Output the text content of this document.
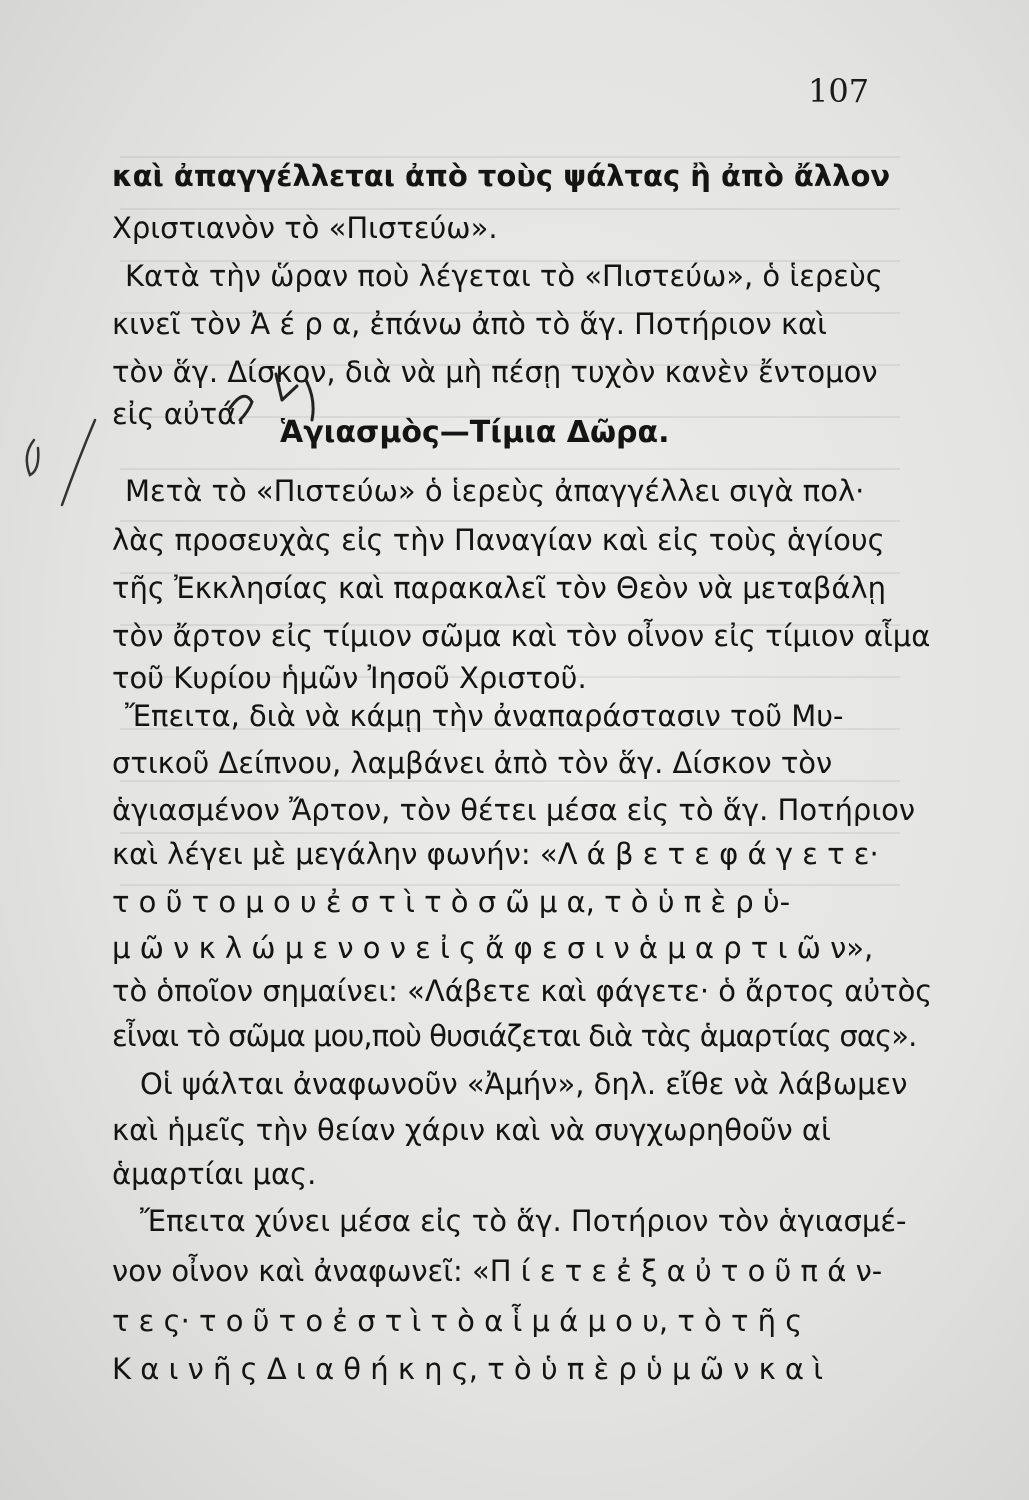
107
καὶ ἀπαγγέλλεται ἀπὸ τοὺς ψάλτας ἢ ἀπὸ ἄλλον
Χριστιανὸν τὸ «Πιστεύω».
Κατὰ τὴν ὥραν ποὺ λέγεται τὸ «Πιστεύω», ὁ ἱερεὺς
κινεῖ τὸν Ἀ έ ρ α, ἐπάνω ἀπὸ τὸ ἅγ. Ποτήριον καὶ
τὸν ἅγ. Δίσκον, διὰ νὰ μὴ πέσῃ τυχὸν κανὲν ἔντομον
εἰς αὐτά.
Ἁγιασμὸς—Τίμια Δῶρα.
Μετὰ τὸ «Πιστεύω» ὁ ἱερεὺς ἀπαγγέλλει σιγὰ πολ·
λὰς προσευχὰς εἰς τὴν Παναγίαν καὶ εἰς τοὺς ἁγίους
τῆς Ἐκκλησίας καὶ παρακαλεῖ τὸν Θεὸν νὰ μεταβάλῃ
τὸν ἄρτον εἰς τίμιον σῶμα καὶ τὸν οἶνον εἰς τίμιον αἷμα
τοῦ Κυρίου ἡμῶν Ἰησοῦ Χριστοῦ.
Ἔπειτα, διὰ νὰ κάμῃ τὴν ἀναπαράστασιν τοῦ Μυ-
στικοῦ Δείπνου, λαμβάνει ἀπὸ τὸν ἅγ. Δίσκον τὸν
ἁγιασμένον Ἄρτον, τὸν θέτει μέσα εἰς τὸ ἅγ. Ποτήριον
καὶ λέγει μὲ μεγάλην φωνήν: «Λ ά β ε τ ε φ ά γ ε τ ε·
τ ο ῦ τ ο μ ο υ ἐ σ τ ὶ τ ὸ σ ῶ μ α, τ ὸ ὑ π ὲ ρ ὑ-
μ ῶ ν κ λ ώ μ ε ν ο ν ε ἰ ς ἄ φ ε σ ι ν ἁ μ α ρ τ ι ῶ ν»,
τὸ ὁποῖον σημαίνει: «Λάβετε καὶ φάγετε· ὁ ἄρτος αὐτὸς
εἶναι τὸ σῶμα μου,ποὺ θυσιάζεται διὰ τὰς ἁμαρτίας σας».
Οἱ ψάλται ἀναφωνοῦν «Ἀμήν», δηλ. εἴθε νὰ λάβωμεν
καὶ ἡμεῖς τὴν θείαν χάριν καὶ νὰ συγχωρηθοῦν αἱ
ἁμαρτίαι μας.
Ἔπειτα χύνει μέσα εἰς τὸ ἅγ. Ποτήριον τὸν ἁγιασμέ-
νον οἶνον καὶ ἀναφωνεῖ: «Π ί ε τ ε ἐ ξ α ὐ τ ο ῦ π ά ν-
τ ε ς· τ ο ῦ τ ο ἐ σ τ ὶ τ ὸ α ἷ μ ά μ ο υ, τ ὸ τ ῆ ς
Κ α ι ν ῆ ς Δ ι α θ ή κ η ς, τ ὸ ὑ π ὲ ρ ὑ μ ῶ ν κ α ὶ
